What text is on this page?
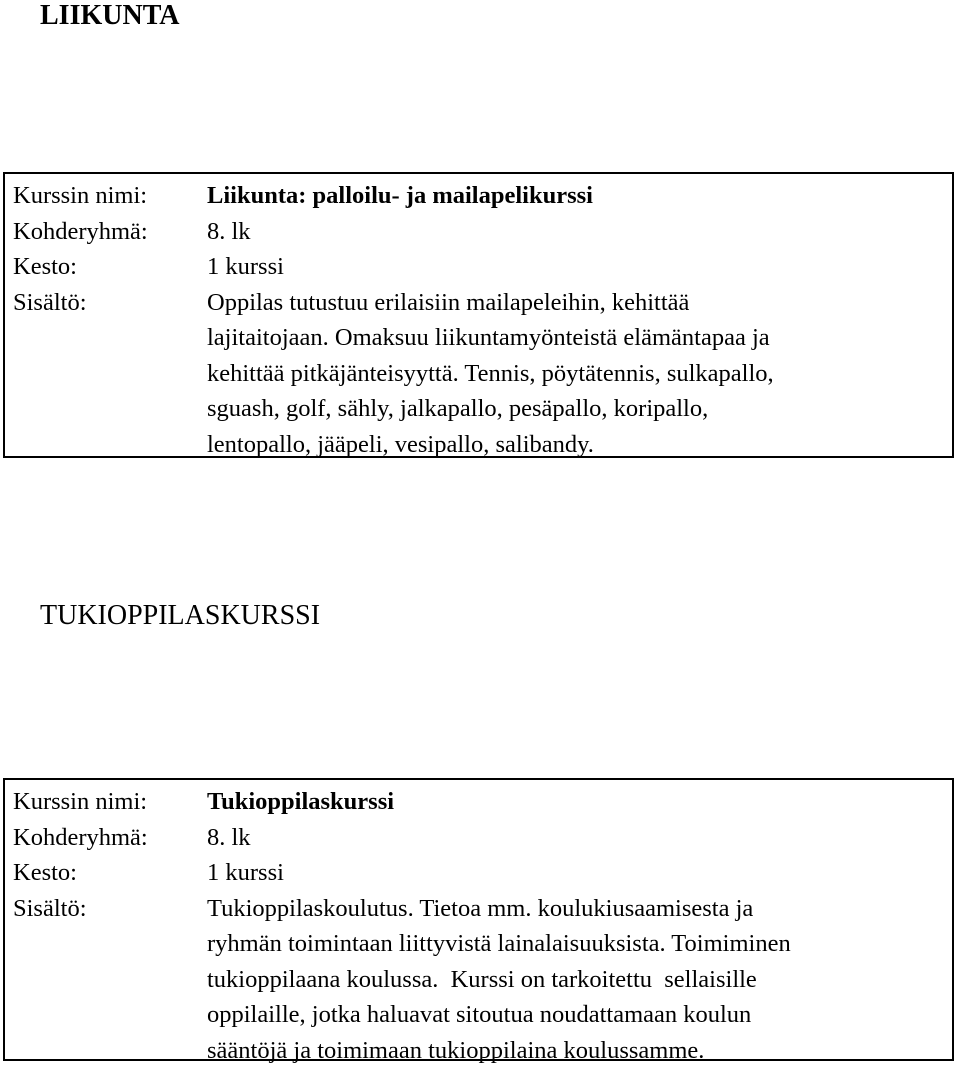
LIIKUNTA
Kurssin nimi:	Liikunta: palloilu- ja mailapelikurssi
Kohderyhmä:	8. lk
Kesto:	1 kurssi
Sisältö:	Oppilas tutustuu erilaisiin mailapeleihin, kehittää
lajitaitojaan. Omaksuu liikuntamyönteistä elämäntapaa ja
kehittää pitkäjänteisyyttä. Tennis, pöytätennis, sulkapallo,
sguash, golf, sähly, jalkapallo, pesäpallo, koripallo,
lentopallo, jääpeli, vesipallo, salibandy.
TUKIOPPILASKURSSI
Kurssin nimi:	Tukioppilaskurssi
Kohderyhmä:	8. lk
Kesto:	1 kurssi
Sisältö:	Tukioppilaskoulutus. Tietoa mm. koulukiusaamisesta ja
ryhmän toimintaan liittyvistä lainalaisuuksista. Toimiminen
tukioppilaana koulussa.  Kurssi on tarkoitettu  sellaisille
oppilaille, jotka haluavat sitoutua noudattamaan koulun
sääntöjä ja toimimaan tukioppilaina koulussamme.
